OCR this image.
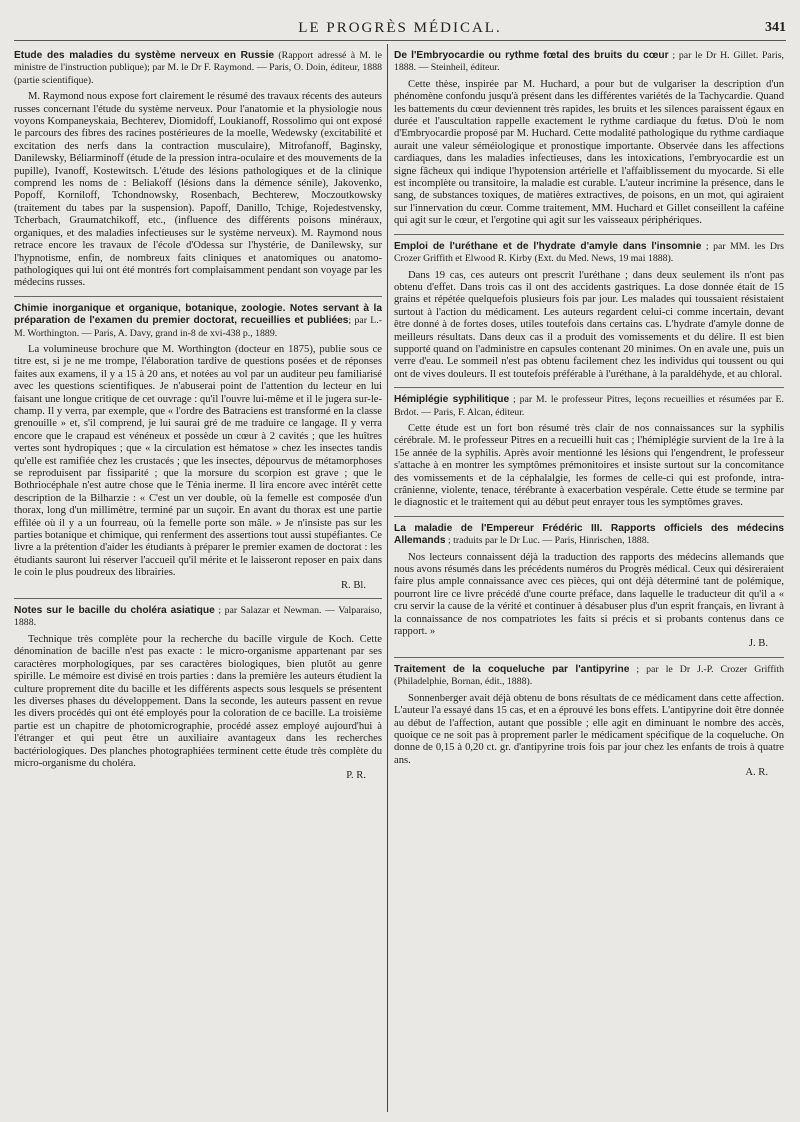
LE PROGRÈS MÉDICAL.	341

Étude des maladies du système nerveux en Russie (Rapport adressé à M. le ministre de l'instruction publique); par M. le Dr F. Raymond. — Paris, O. Doin, éditeur, 1888 (partie scientifique).

M. Raymond nous expose fort clairement le résumé des travaux récents des auteurs russes concernant l'étude du système nerveux. Pour l'anatomie et la physiologie nous voyons Kompaneyskaia, Bechterev, Diomidoff, Loukianoff, Rossolimo qui ont exposé le parcours des fibres des racines postérieures de la moelle, Wedewsky (excitabilité et excitation des nerfs dans la contraction musculaire), Mitrofanoff, Baginsky, Danilewsky, Béliarminoff (étude de la pression intra-oculaire et des mouvements de la pupille), Ivanoff, Kostewitsch. L'étude des lésions pathologiques et de la clinique comprend les noms de : Beliakoff (lésions dans la démence sénile), Jakovenko, Popoff, Korniloff, Tchondnowsky, Rosenbach, Bechterew, Moczoutkowsky (traitement du tabes par la suspension). Papoff, Danillo, Tchige, Rojedestvensky, Tcherbach, Graumatchikoff, etc., (influence des différents poisons minéraux, organiques, et des maladies infectieuses sur le système nerveux). M. Raymond nous retrace encore les travaux de l'école d'Odessa sur l'hystérie, de Danilewsky, sur l'hypnotisme, enfin, de nombreux faits cliniques et anatomiques ou anatomo-pathologiques qui lui ont été montrés fort complaisamment pendant son voyage par les médecins russes.

Chimie inorganique et organique, botanique, zoologie. Notes servant à la préparation de l'examen du premier doctorat, recueillies et publiées; par L.-M. Worthington. — Paris, A. Davy, grand in-8 de xvi-438 p., 1889.

La volumineuse brochure que M. Worthington (docteur en 1875), publie sous ce titre est, si je ne me trompe, l'élaboration tardive de questions posées et de réponses faites aux examens, il y a 15 à 20 ans, et notées au vol par un auditeur peu familiarisé avec les questions scientifiques. Je n'abuserai point de l'attention du lecteur en lui faisant une longue critique de cet ouvrage : qu'il l'ouvre lui-même et il le jugera sur-le-champ. Il y verra, par exemple, que « l'ordre des Batraciens est transformé en la classe grenouille » et, s'il comprend, je lui saurai gré de me traduire ce langage. Il y verra encore que le crapaud est vénéneux et possède un cœur à 2 cavités ; que les huîtres vertes sont hydropiques ; que « la circulation est hématose » chez les insectes tandis qu'elle est ramifiée chez les crustacés ; que les insectes, dépourvus de métamorphoses se reproduisent par fissiparité ; que la morsure du scorpion est grave ; que le Bothriocéphale n'est autre chose que le Ténia inerme. Il lira encore avec intérêt cette description de la Bilharzie : « C'est un ver double, où la femelle est composée d'un thorax, long d'un millimètre, terminé par un suçoir. En avant du thorax est une partie effilée où il y a un fourreau, où la femelle porte son mâle. » Je n'insiste pas sur les parties botanique et chimique, qui renferment des assertions tout aussi stupéfiantes. Ce livre a la prétention d'aider les étudiants à préparer le premier examen de doctorat : les étudiants sauront lui réserver l'accueil qu'il mérite et le laisseront reposer en paix dans le coin le plus poudreux des librairies.

R. Bl.

Notes sur le bacille du choléra asiatique ; par Salazar et Newman. — Valparaiso, 1888.

Technique très complète pour la recherche du bacille virgule de Koch. Cette dénomination de bacille n'est pas exacte : le micro-organisme appartenant par ses caractères morphologiques, par ses caractères biologiques, bien plutôt au genre spirille. Le mémoire est divisé en trois parties : dans la première les auteurs étudient la culture proprement dite du bacille et les différents aspects sous lesquels se présentent les diverses phases du développement. Dans la seconde, les auteurs passent en revue les divers procédés qui ont été employés pour la coloration de ce bacille. La troisième partie est un chapitre de photomicrographie, procédé assez employé aujourd'hui à l'étranger et qui peut être un auxiliaire avantageux dans les recherches bactériologiques. Des planches photographiées terminent cette étude très complète du micro-organisme du choléra.

P. R.

De l'Embryocardie ou rythme fœtal des bruits du cœur ; par le Dr H. Gillet. Paris, 1888. — Steinheil, éditeur.

Cette thèse, inspirée par M. Huchard, a pour but de vulgariser la description d'un phénomène confondu jusqu'à présent dans les différentes variétés de la Tachycardie. Quand les battements du cœur deviennent très rapides, les bruits et les silences paraissent égaux en durée et l'auscultation rappelle exactement le rythme cardiaque du fœtus. D'où le nom d'Embryocardie proposé par M. Huchard. Cette modalité pathologique du rythme cardiaque aurait une valeur séméiologique et pronostique importante. Observée dans les affections cardiaques, dans les maladies infectieuses, dans les intoxications, l'embryocardie est un signe fâcheux qui indique l'hypotension artérielle et l'affaiblissement du myocarde. Si elle est incomplète ou transitoire, la maladie est curable. L'auteur incrimine la présence, dans le sang, de substances toxiques, de matières extractives, de poisons, en un mot, qui agiraient sur l'innervation du cœur. Comme traitement, MM. Huchard et Gillet conseillent la caféine qui agit sur le cœur, et l'ergotine qui agit sur les vaisseaux périphériques.

Emploi de l'uréthane et de l'hydrate d'amyle dans l'insomnie ; par MM. les Drs Crozer Griffith et Elwood R. Kirby (Ext. du Med. News, 19 mai 1888).

Dans 19 cas, ces auteurs ont prescrit l'uréthane ; dans deux seulement ils n'ont pas obtenu d'effet. Dans trois cas il ont des accidents gastriques. La dose donnée était de 15 grains et répétée quelquefois plusieurs fois par jour. Les malades qui toussaient résistaient surtout à l'action du médicament. Les auteurs regardent celui-ci comme incertain, devant être donné à de fortes doses, utiles toutefois dans certains cas. L'hydrate d'amyle donne de meilleurs résultats. Dans deux cas il a produit des vomissements et du délire. Il est bien supporté quand on l'administre en capsules contenant 20 minimes. On en avale une, puis un verre d'eau. Le sommeil n'est pas obtenu facilement chez les individus qui toussent ou qui ont de vives douleurs. Il est toutefois préférable à l'uréthane, à la paraldéhyde, et au chloral.

Hémiplégie syphilitique ; par M. le professeur Pitres, leçons recueillies et résumées par E. Brdot. — Paris, F. Alcan, éditeur.

Cette étude est un fort bon résumé très clair de nos connaissances sur la syphilis cérébrale. M. le professeur Pitres en a recueilli huit cas ; l'hémiplégie survient de la 1re à la 15e année de la syphilis. Après avoir mentionné les lésions qui l'engendrent, le professeur s'attache à en montrer les symptômes prémonitoires et insiste surtout sur la concomitance des vomissements et de la céphalalgie, les formes de celle-ci qui est profonde, intra-crânienne, violente, tenace, térébrante à exacerbation vespérale. Cette étude se termine par le diagnostic et le traitement qui au début peut enrayer tous les symptômes graves.

La maladie de l'Empereur Frédéric III. Rapports officiels des médecins Allemands ; traduits par le Dr Luc. — Paris, Hinrischen, 1888.

Nos lecteurs connaissent déjà la traduction des rapports des médecins allemands que nous avons résumés dans les précédents numéros du Progrès médical. Ceux qui désireraient faire plus ample connaissance avec ces pièces, qui ont déjà déterminé tant de polémique, pourront lire ce livre précédé d'une courte préface, dans laquelle le traducteur dit qu'il a « cru servir la cause de la vérité et continuer à désabuser plus d'un esprit français, en livrant à la connaissance de nos compatriotes les faits si précis et si probants contenus dans ce rapport. »

J. B.

Traitement de la coqueluche par l'antipyrine ; par le Dr J.-P. Crozer Griffith (Philadelphie, Bornan, édit., 1888).

Sonnenberger avait déjà obtenu de bons résultats de ce médicament dans cette affection. L'auteur l'a essayé dans 15 cas, et en a éprouvé les bons effets. L'antipyrine doit être donnée au début de l'affection, autant que possible ; elle agit en diminuant le nombre des accès, quoique ce ne soit pas à proprement parler le médicament spécifique de la coqueluche. On donne de 0,15 à 0,20 ct. gr. d'antipyrine trois fois par jour chez les enfants de trois à quatre ans.

A. R.
